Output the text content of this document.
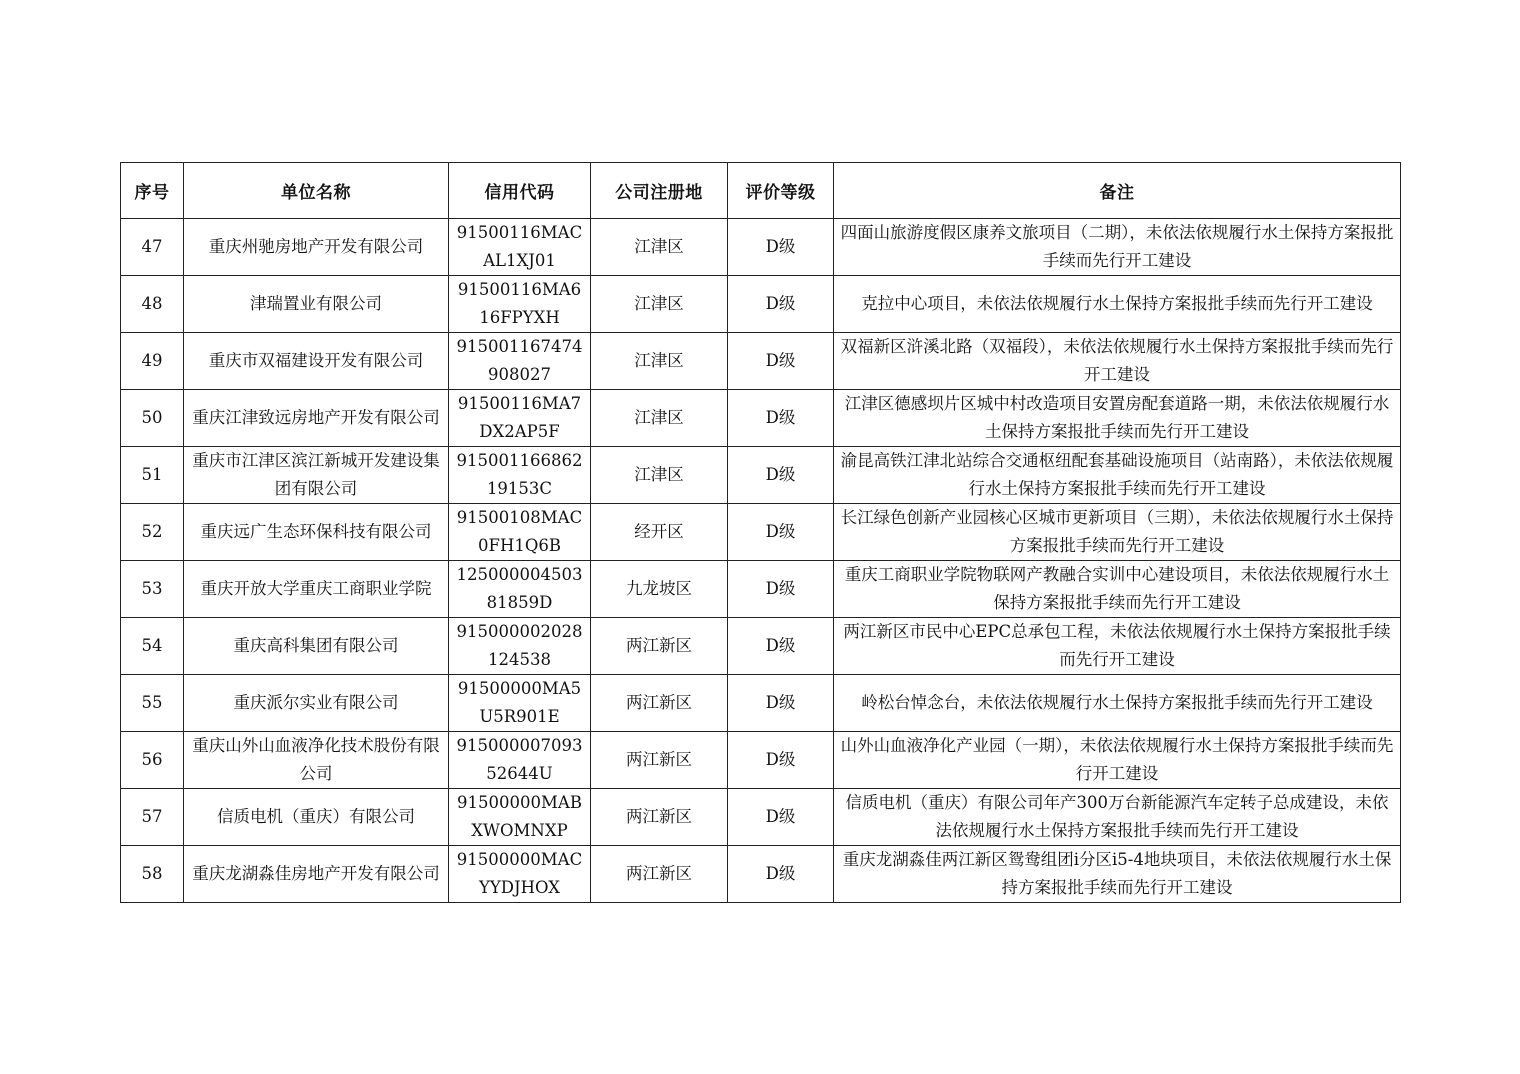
序号	单位名称	信用代码	公司注册地	评价等级	备注
47	重庆州驰房地产开发有限公司	91500116MACAL1XJ01	江津区	D级	四面山旅游度假区康养文旅项目（二期），未依法依规履行水土保持方案报批手续而先行开工建设
48	津瑞置业有限公司	91500116MA616FPYXH	江津区	D级	克拉中心项目，未依法依规履行水土保持方案报批手续而先行开工建设
49	重庆市双福建设开发有限公司	915001167474908027	江津区	D级	双福新区浒溪北路（双福段），未依法依规履行水土保持方案报批手续而先行开工建设
50	重庆江津致远房地产开发有限公司	91500116MA7DX2AP5F	江津区	D级	江津区德感坝片区城中村改造项目安置房配套道路一期，未依法依规履行水土保持方案报批手续而先行开工建设
51	重庆市江津区滨江新城开发建设集团有限公司	91500116686219153C	江津区	D级	渝昆高铁江津北站综合交通枢纽配套基础设施项目（站南路），未依法依规履行水土保持方案报批手续而先行开工建设
52	重庆远广生态环保科技有限公司	91500108MAC0FH1Q6B	经开区	D级	长江绿色创新产业园核心区城市更新项目（三期），未依法依规履行水土保持方案报批手续而先行开工建设
53	重庆开放大学重庆工商职业学院	12500000450381859D	九龙坡区	D级	重庆工商职业学院物联网产教融合实训中心建设项目，未依法依规履行水土保持方案报批手续而先行开工建设
54	重庆高科集团有限公司	915000002028124538	两江新区	D级	两江新区市民中心EPC总承包工程，未依法依规履行水土保持方案报批手续而先行开工建设
55	重庆派尔实业有限公司	91500000MA5U5R901E	两江新区	D级	岭松台悼念台，未依法依规履行水土保持方案报批手续而先行开工建设
56	重庆山外山血液净化技术股份有限公司	91500000709352644U	两江新区	D级	山外山血液净化产业园（一期），未依法依规履行水土保持方案报批手续而先行开工建设
57	信质电机（重庆）有限公司	91500000MABXWOMNXP	两江新区	D级	信质电机（重庆）有限公司年产300万台新能源汽车定转子总成建设，未依法依规履行水土保持方案报批手续而先行开工建设
58	重庆龙湖淼佳房地产开发有限公司	91500000MACYYDJHOX	两江新区	D级	重庆龙湖淼佳两江新区鸳鸯组团i分区i5-4地块项目，未依法依规履行水土保持方案报批手续而先行开工建设
